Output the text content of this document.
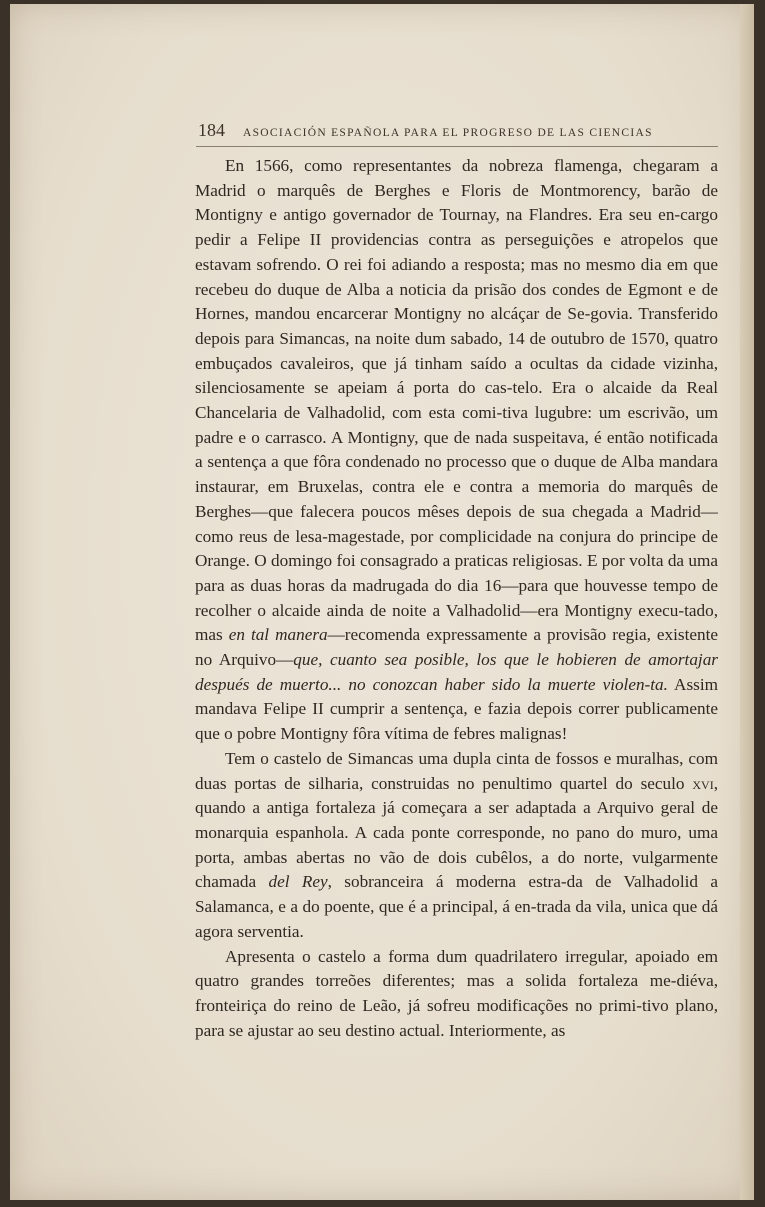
184 ASOCIACIÓN ESPAÑOLA PARA EL PROGRESO DE LAS CIENCIAS

En 1566, como representantes da nobreza flamenga, chegaram a Madrid o marquês de Berghes e Floris de Montmorency, barão de Montigny e antigo governador de Tournay, na Flandres. Era seu en-cargo pedir a Felipe II providencias contra as perseguições e atropelos que estavam sofrendo. O rei foi adiando a resposta; mas no mesmo dia em que recebeu do duque de Alba a noticia da prisão dos condes de Egmont e de Hornes, mandou encarcerar Montigny no alcáçar de Se-govia. Transferido depois para Simancas, na noite dum sabado, 14 de outubro de 1570, quatro embuçados cavaleiros, que já tinham saído a ocultas da cidade vizinha, silenciosamente se apeiam á porta do cas-telo. Era o alcaide da Real Chancelaria de Valhadolid, com esta comi-tiva lugubre: um escrivão, um padre e o carrasco. A Montigny, que de nada suspeitava, é então notificada a sentença a que fôra condenado no processo que o duque de Alba mandara instaurar, em Bruxelas, contra ele e contra a memoria do marquês de Berghes—que falecera poucos mêses depois de sua chegada a Madrid—como reus de lesa-magestade, por complicidade na conjura do principe de Orange. O domingo foi consagrado a praticas religiosas. E por volta da uma para as duas horas da madrugada do dia 16—para que houvesse tempo de recolher o alcaide ainda de noite a Valhadolid—era Montigny execu-tado, mas en tal manera—recomenda expressamente a provisão regia, existente no Arquivo—que, cuanto sea posible, los que le hobieren de amortajar después de muerto... no conozcan haber sido la muerte violen-ta. Assim mandava Felipe II cumprir a sentença, e fazia depois correr publicamente que o pobre Montigny fôra vítima de febres malignas!

Tem o castelo de Simancas uma dupla cinta de fossos e muralhas, com duas portas de silharia, construidas no penultimo quartel do seculo xvi, quando a antiga fortaleza já começara a ser adaptada a Arquivo geral de monarquia espanhola. A cada ponte corresponde, no pano do muro, uma porta, ambas abertas no vão de dois cubêlos, a do norte, vulgarmente chamada del Rey, sobranceira á moderna estra-da de Valhadolid a Salamanca, e a do poente, que é a principal, á en-trada da vila, unica que dá agora serventia.

Apresenta o castelo a forma dum quadrilatero irregular, apoiado em quatro grandes torreões diferentes; mas a solida fortaleza me-diéva, fronteiriça do reino de Leão, já sofreu modificações no primi-tivo plano, para se ajustar ao seu destino actual. Interiormente, as
